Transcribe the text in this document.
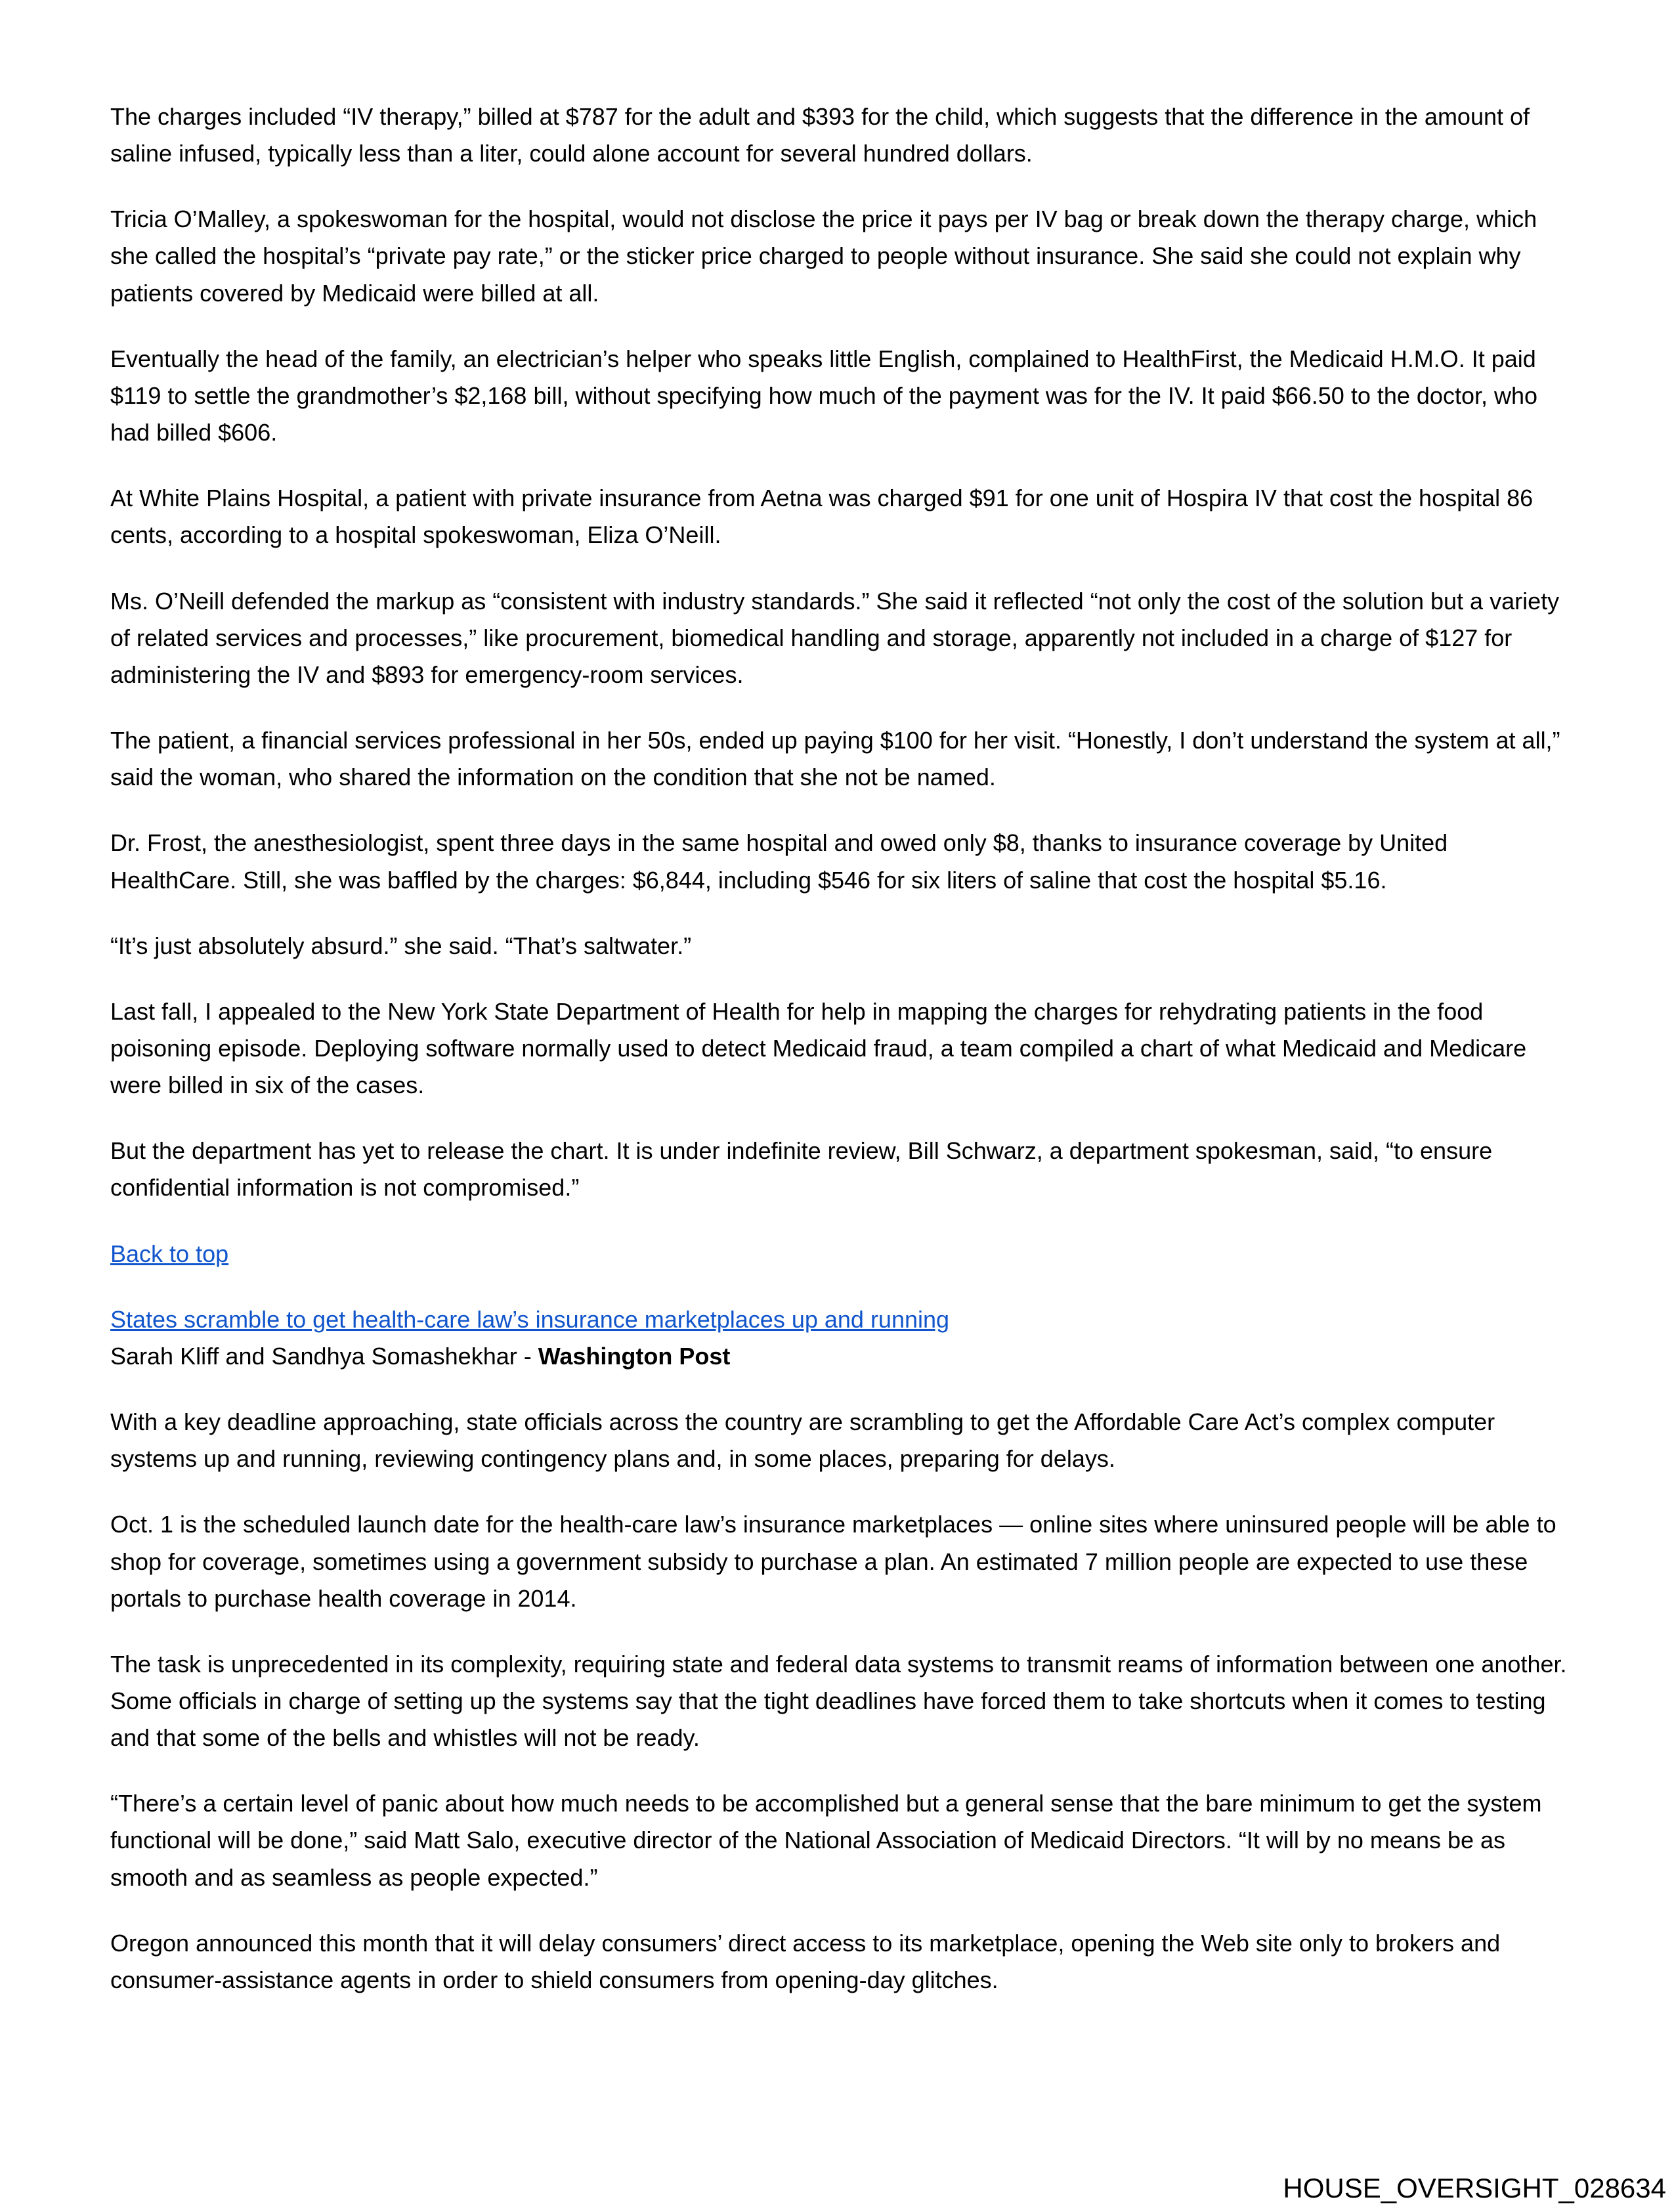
The charges included “IV therapy,” billed at $787 for the adult and $393 for the child, which suggests that the difference in the amount of saline infused, typically less than a liter, could alone account for several hundred dollars.

Tricia O’Malley, a spokeswoman for the hospital, would not disclose the price it pays per IV bag or break down the therapy charge, which she called the hospital’s “private pay rate,” or the sticker price charged to people without insurance. She said she could not explain why patients covered by Medicaid were billed at all.

Eventually the head of the family, an electrician’s helper who speaks little English, complained to HealthFirst, the Medicaid H.M.O. It paid $119 to settle the grandmother’s $2,168 bill, without specifying how much of the payment was for the IV. It paid $66.50 to the doctor, who had billed $606.

At White Plains Hospital, a patient with private insurance from Aetna was charged $91 for one unit of Hospira IV that cost the hospital 86 cents, according to a hospital spokeswoman, Eliza O’Neill.

Ms. O’Neill defended the markup as “consistent with industry standards.” She said it reflected “not only the cost of the solution but a variety of related services and processes,” like procurement, biomedical handling and storage, apparently not included in a charge of $127 for administering the IV and $893 for emergency-room services.

The patient, a financial services professional in her 50s, ended up paying $100 for her visit. “Honestly, I don’t understand the system at all,” said the woman, who shared the information on the condition that she not be named.

Dr. Frost, the anesthesiologist, spent three days in the same hospital and owed only $8, thanks to insurance coverage by United HealthCare. Still, she was baffled by the charges: $6,844, including $546 for six liters of saline that cost the hospital $5.16.

“It’s just absolutely absurd.” she said. “That’s saltwater.”

Last fall, I appealed to the New York State Department of Health for help in mapping the charges for rehydrating patients in the food poisoning episode. Deploying software normally used to detect Medicaid fraud, a team compiled a chart of what Medicaid and Medicare were billed in six of the cases.

But the department has yet to release the chart. It is under indefinite review, Bill Schwarz, a department spokesman, said, “to ensure confidential information is not compromised.”

Back to top

States scramble to get health-care law’s insurance marketplaces up and running
Sarah Kliff and Sandhya Somashekhar - Washington Post

With a key deadline approaching, state officials across the country are scrambling to get the Affordable Care Act’s complex computer systems up and running, reviewing contingency plans and, in some places, preparing for delays.

Oct. 1 is the scheduled launch date for the health-care law’s insurance marketplaces — online sites where uninsured people will be able to shop for coverage, sometimes using a government subsidy to purchase a plan. An estimated 7 million people are expected to use these portals to purchase health coverage in 2014.

The task is unprecedented in its complexity, requiring state and federal data systems to transmit reams of information between one another. Some officials in charge of setting up the systems say that the tight deadlines have forced them to take shortcuts when it comes to testing and that some of the bells and whistles will not be ready.

“There’s a certain level of panic about how much needs to be accomplished but a general sense that the bare minimum to get the system functional will be done,” said Matt Salo, executive director of the National Association of Medicaid Directors. “It will by no means be as smooth and as seamless as people expected.”

Oregon announced this month that it will delay consumers’ direct access to its marketplace, opening the Web site only to brokers and consumer-assistance agents in order to shield consumers from opening-day glitches.

HOUSE_OVERSIGHT_028634
